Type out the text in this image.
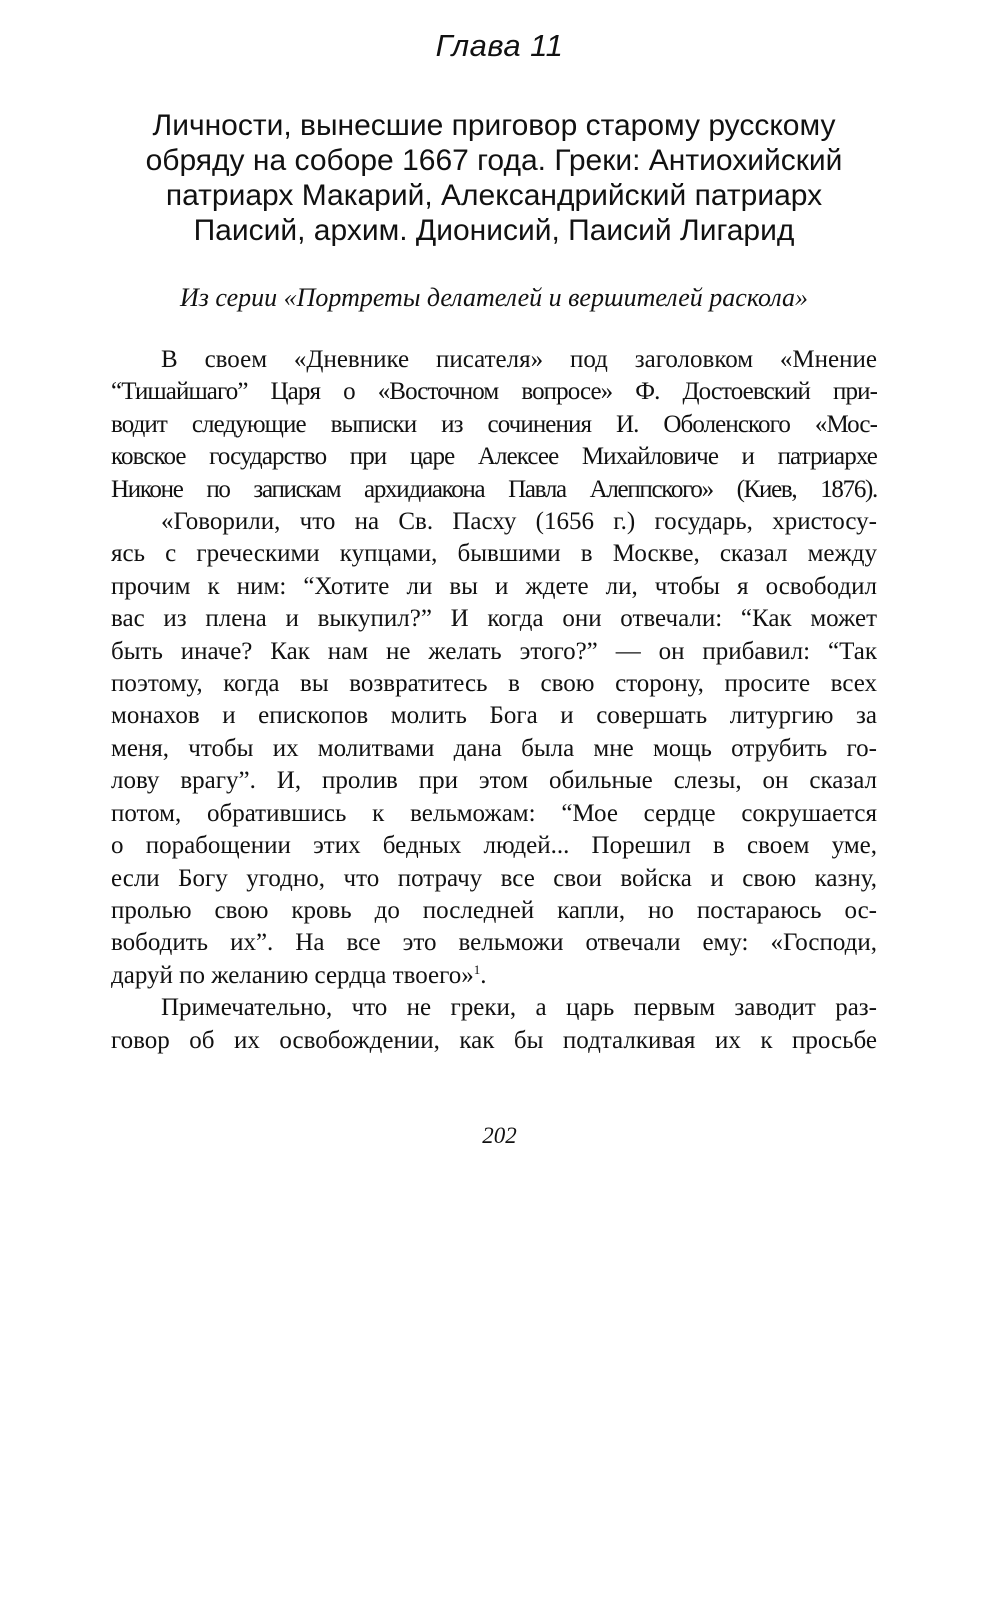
Глава 11
Личности, вынесшие приговор старому русскому
обряду на соборе 1667 года. Греки: Антиохийский
патриарх Макарий, Александрийский патриарх
Паисий, архим. Дионисий, Паисий Лигарид
Из серии «Портреты делателей и вершителей раскола»

В своем «Дневнике писателя» под заголовком «Мнение
“Тишайшаго” Царя о «Восточном вопросе» Ф. Достоевский при-
водит следующие выписки из сочинения И. Оболенского «Мос-
ковское государство при царе Алексее Михайловиче и патриархе
Никоне по запискам архидиакона Павла Алеппского» (Киев, 1876).

«Говорили, что на Св. Пасху (1656 г.) государь, христосу-
ясь с греческими купцами, бывшими в Москве, сказал между
прочим к ним: “Хотите ли вы и ждете ли, чтобы я освободил
вас из плена и выкупил?” И когда они отвечали: “Как может
быть иначе? Как нам не желать этого?” — он прибавил: “Так
поэтому, когда вы возвратитесь в свою сторону, просите всех
монахов и епископов молить Бога и совершать литургию за
меня, чтобы их молитвами дана была мне мощь отрубить го-
лову врагу”. И, пролив при этом обильные слезы, он сказал
потом, обратившись к вельможам: “Мое сердце сокрушается
о порабощении этих бедных людей... Порешил в своем уме,
если Богу угодно, что потрачу все свои войска и свою казну,
пролью свою кровь до последней капли, но постараюсь ос-
вободить их”. На все это вельможи отвечали ему: «Господи,
даруй по желанию сердца твоего»$^1$.

Примечательно, что не греки, а царь первым заводит раз-
говор об их освобождении, как бы подталкивая их к просьбе

202
